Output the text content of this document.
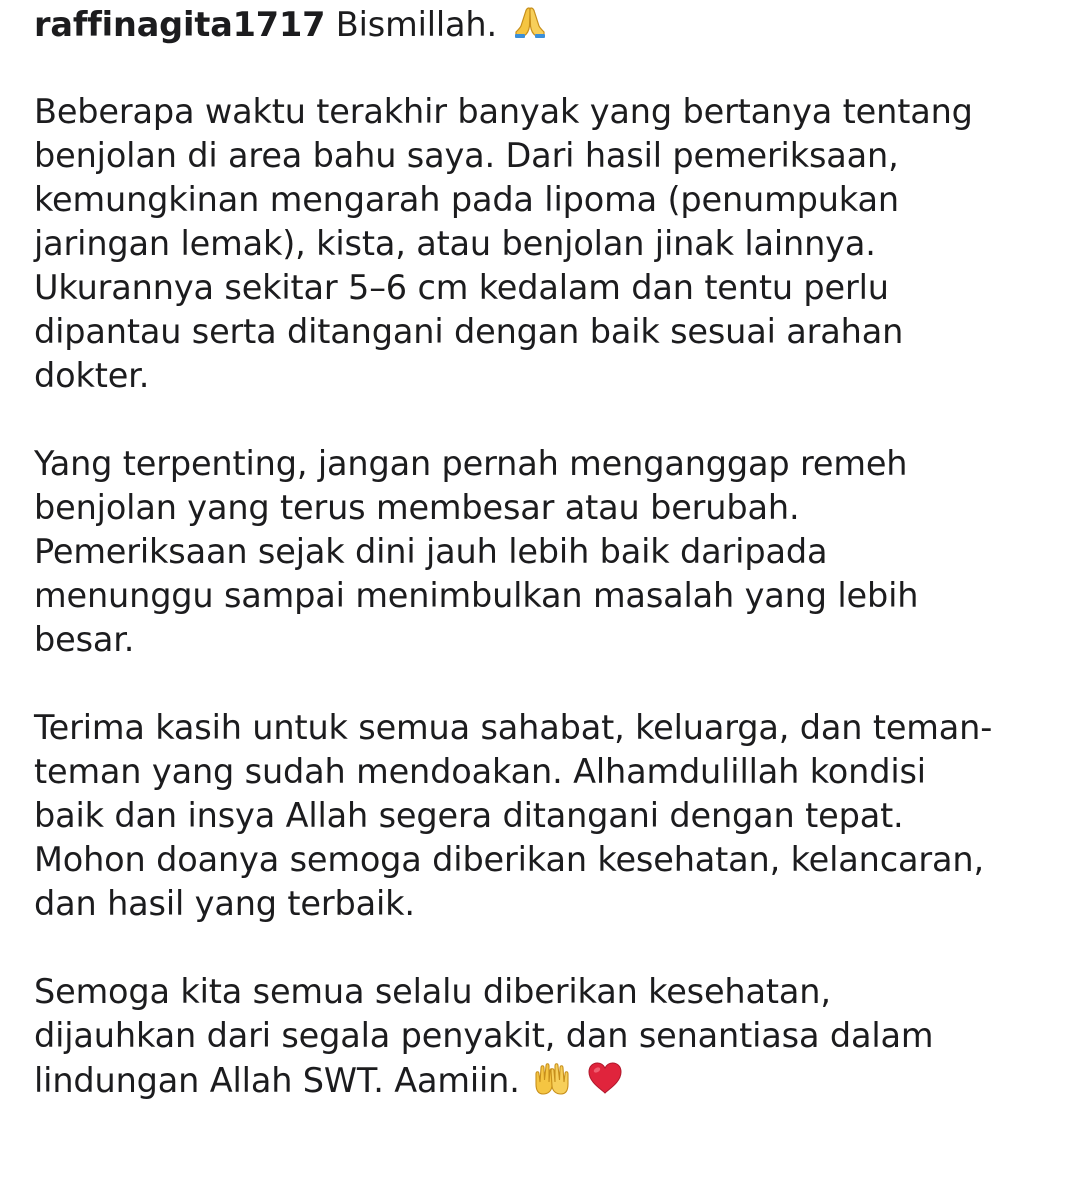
raffinagita1717 Bismillah.
Beberapa waktu terakhir banyak yang bertanya tentang
benjolan di area bahu saya. Dari hasil pemeriksaan,
kemungkinan mengarah pada lipoma (penumpukan
jaringan lemak), kista, atau benjolan jinak lainnya.
Ukurannya sekitar 5–6 cm kedalam dan tentu perlu
dipantau serta ditangani dengan baik sesuai arahan
dokter.
Yang terpenting, jangan pernah menganggap remeh
benjolan yang terus membesar atau berubah.
Pemeriksaan sejak dini jauh lebih baik daripada
menunggu sampai menimbulkan masalah yang lebih
besar.
Terima kasih untuk semua sahabat, keluarga, dan teman-
teman yang sudah mendoakan. Alhamdulillah kondisi
baik dan insya Allah segera ditangani dengan tepat.
Mohon doanya semoga diberikan kesehatan, kelancaran,
dan hasil yang terbaik.
Semoga kita semua selalu diberikan kesehatan,
dijauhkan dari segala penyakit, dan senantiasa dalam
lindungan Allah SWT. Aamiin.
